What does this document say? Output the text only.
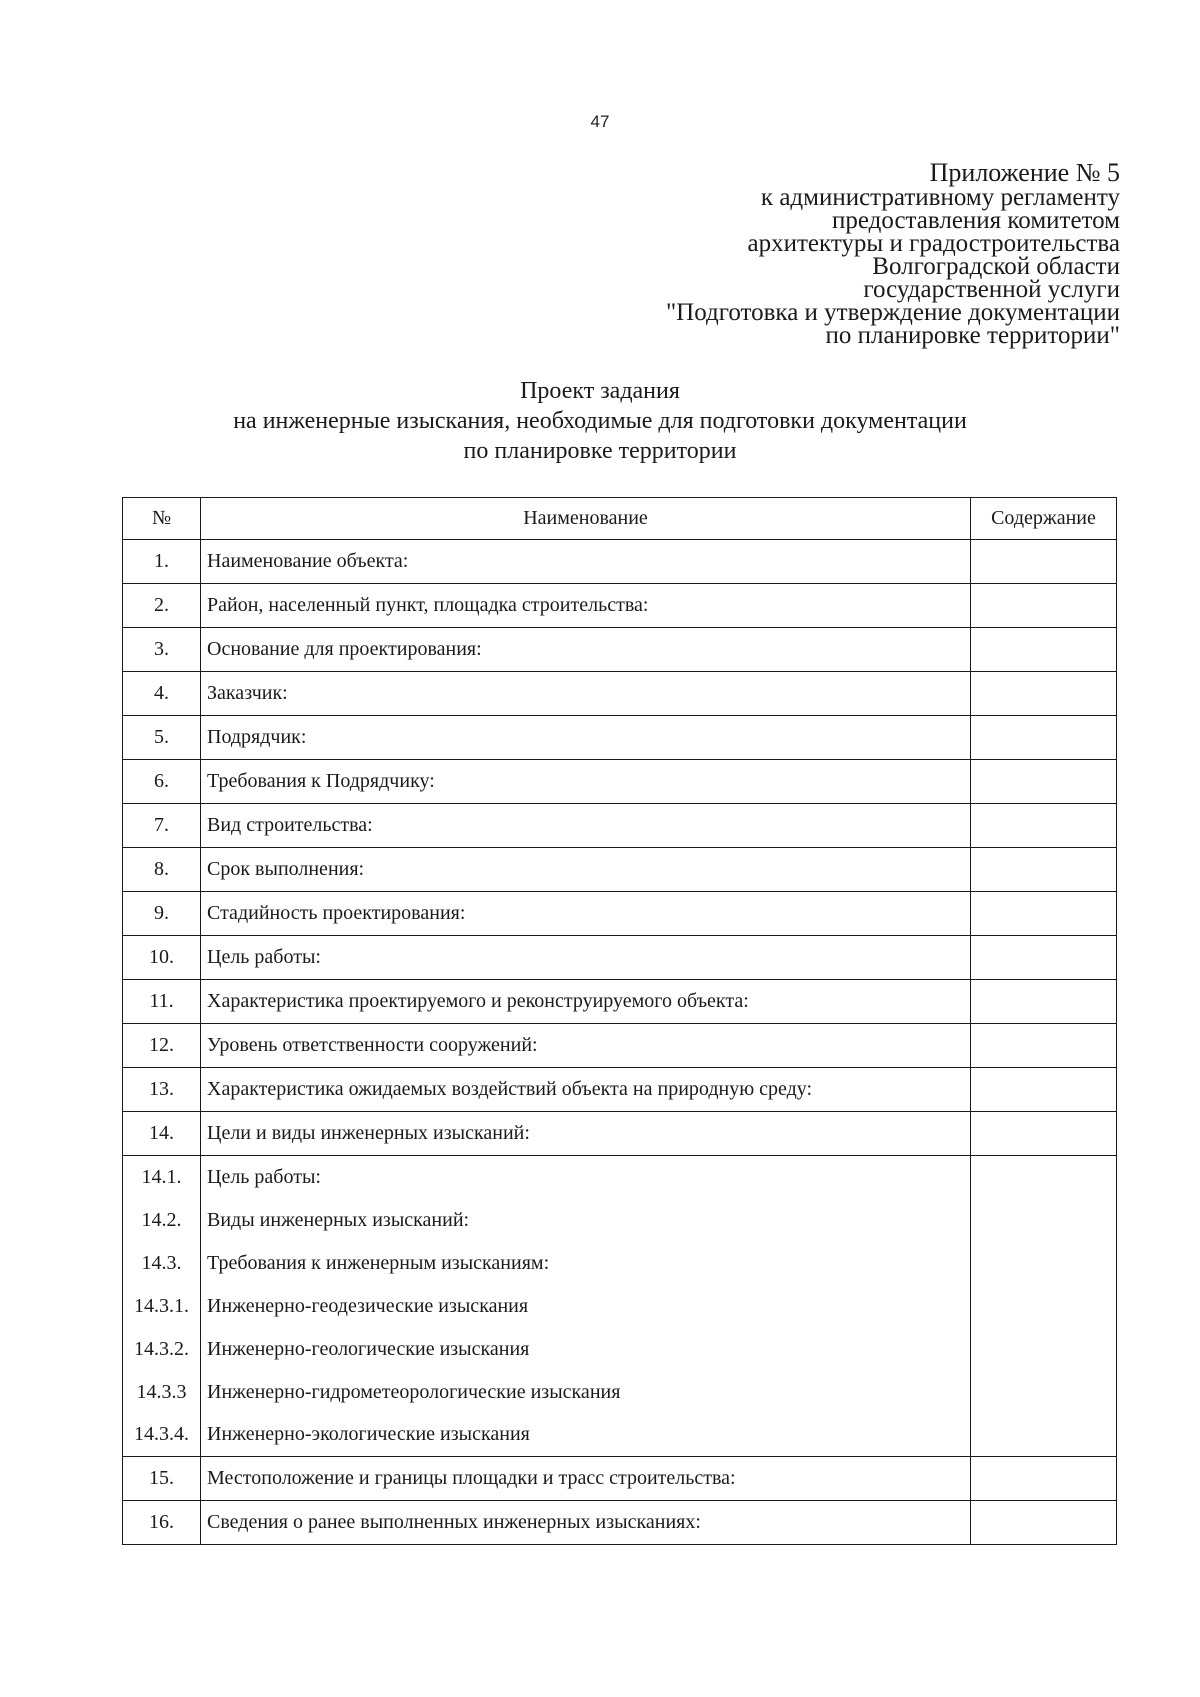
47
Приложение № 5
к административному регламенту
предоставления комитетом
архитектуры и градостроительства
Волгоградской области
государственной услуги
"Подготовка и утверждение документации
по планировке территории"
Проект задания
на инженерные изыскания, необходимые для подготовки документации
по планировке территории
№	Наименование	Содержание
1.	Наименование объекта:	
2.	Район, населенный пункт, площадка строительства:	
3.	Основание для проектирования:	
4.	Заказчик:	
5.	Подрядчик:	
6.	Требования к Подрядчику:	
7.	Вид строительства:	
8.	Срок выполнения:	
9.	Стадийность проектирования:	
10.	Цель работы:	
11.	Характеристика проектируемого и реконструируемого объекта:	
12.	Уровень ответственности сооружений:	
13.	Характеристика ожидаемых воздействий объекта на природную среду:	
14.	Цели и виды инженерных изысканий:	
14.1.	Цель работы:	
14.2.	Виды инженерных изысканий:	
14.3.	Требования к инженерным изысканиям:	
14.3.1.	Инженерно-геодезические изыскания	
14.3.2.	Инженерно-геологические изыскания	
14.3.3	Инженерно-гидрометеорологические изыскания	
14.3.4.	Инженерно-экологические изыскания	
15.	Местоположение и границы площадки и трасс строительства:	
16.	Сведения о ранее выполненных инженерных изысканиях:	
